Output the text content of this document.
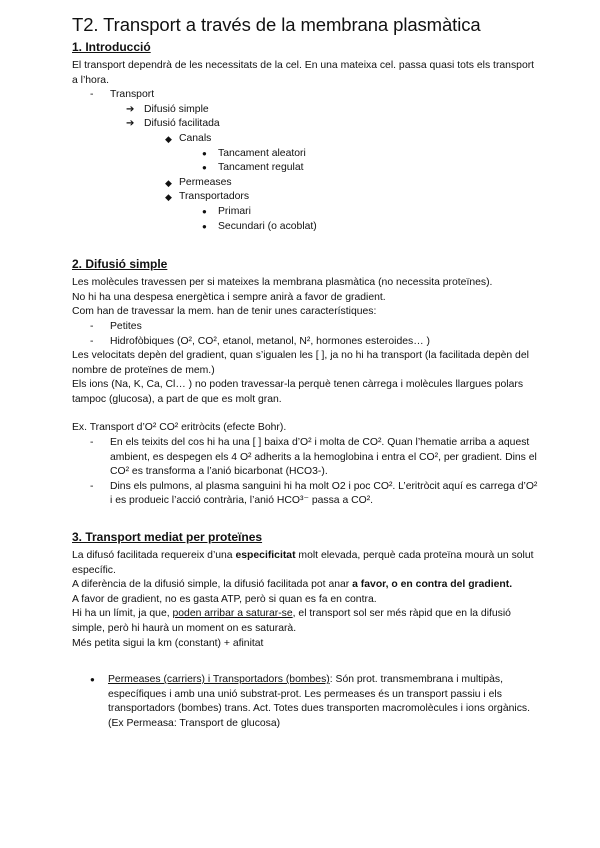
T2. Transport a través de la membrana plasmàtica
1. Introducció

El transport dependrà de les necessitats de la cel. En una mateixa cel. passa quasi tots els transport a l’hora.

-	Transport
➔ Difusió simple
➔ Difusió facilitada
◆ Canals
●	Tancament aleatori
●	Tancament regulat
◆ Permeases
◆ Transportadors
●	Primari
●	Secundari (o acoblat)
2. Difusió simple

Les molècules travessen per si mateixes la membrana plasmàtica (no necessita proteïnes).

No hi ha una despesa energètica i sempre anirà a favor de gradient.

Com han de travessar la mem. han de tenir unes característiques:

-	Petites
-	Hidrofòbiques (O², CO², etanol, metanol, N², hormones esteroides… )

Les velocitats depèn del gradient, quan s’igualen les [ ], ja no hi ha transport (la facilitada depèn del nombre de proteïnes de mem.)

Els ions (Na, K, Ca, Cl… ) no poden travessar-la perquè tenen càrrega i molècules llargues polars tampoc (glucosa), a part de que es molt gran.

Ex. Transport d’O² CO² eritròcits (efecte Bohr).

-	En els teixits del cos hi ha una [ ] baixa d’O² i molta de CO². Quan l’hematie arriba a aquest ambient, es despegen els 4 O² adherits a la hemoglobina i entra el CO², per gradient. Dins el CO² es transforma a l’anió bicarbonat (HCO3-).
-	Dins els pulmons, al plasma sanguini hi ha molt O2 i poc CO². L’eritròcit aquí es carrega d’O² i es produeic l’acció contrària, l’anió HCO³⁻ passa a CO².
3. Transport mediat per proteïnes

La difusó facilitada requereix d’una especificitat molt elevada, perquè cada proteïna mourà un solut específic.

A diferència de la difusió simple, la difusió facilitada pot anar a favor, o en contra del gradient.

A favor de gradient, no es gasta ATP, però si quan es fa en contra.

Hi ha un límit, ja que, poden arribar a saturar-se, el transport sol ser més ràpid que en la difusió simple, però hi haurà un moment on es saturarà.

Més petita sigui la km (constant) + afinitat

●	Permeases (carriers) i Transportadors (bombes): Són prot. transmembrana i multipàs, específiques i amb una unió substrat-prot. Les permeases és un transport passiu i els transportadors (bombes) trans. Act. Totes dues transporten macromolècules i ions orgànics. (Ex Permeasa: Transport de glucosa)
